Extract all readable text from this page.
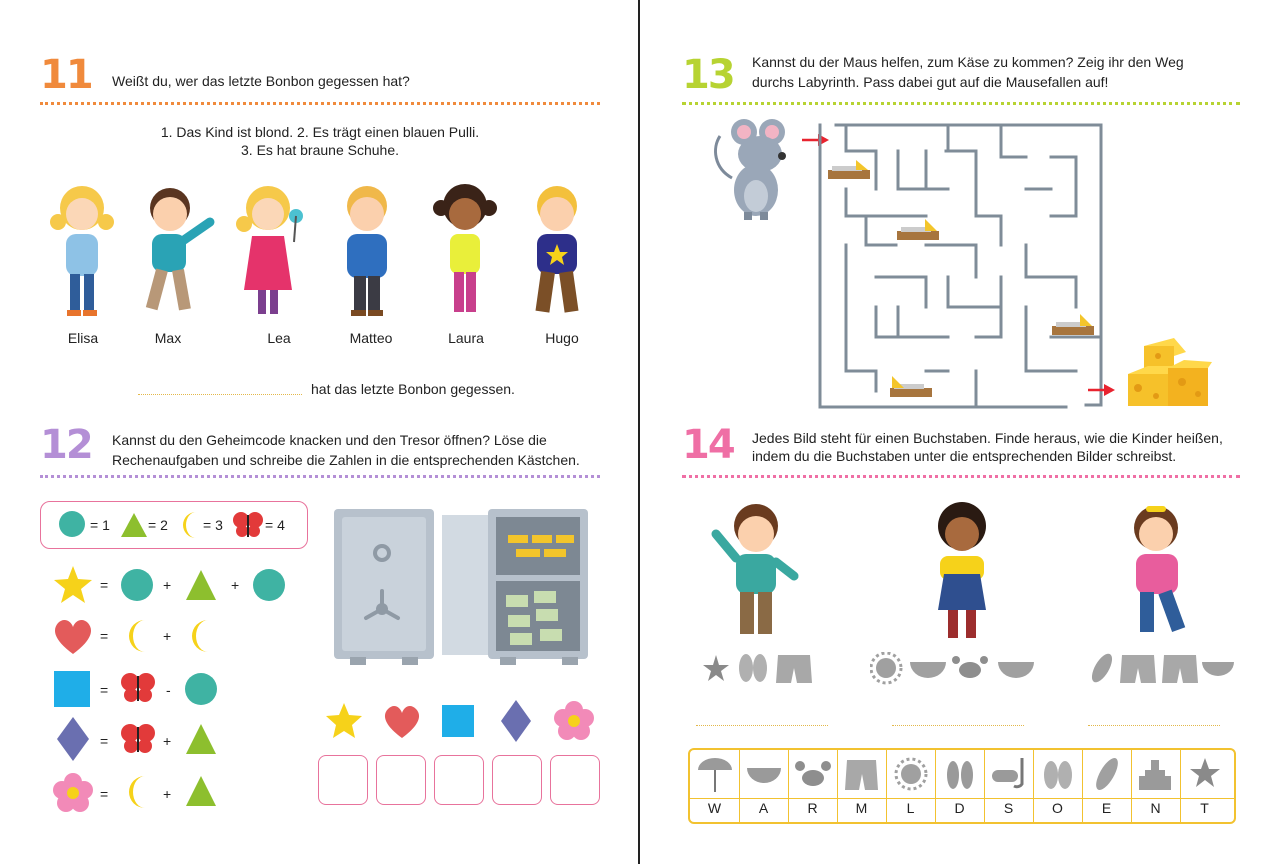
11 Weißt du, wer das letzte Bonbon gegessen hat?
1. Das Kind ist blond. 2. Es trägt einen blauen Pulli.
3. Es hat braune Schuhe.
Elisa	Max	Lea	Matteo	Laura	Hugo
hat das letzte Bonbon gegessen.
12 Kannst du den Geheimcode knacken und den Tresor öffnen? Löse die
Rechenaufgaben und schreibe die Zahlen in die entsprechenden Kästchen.
= 1	= 2	= 3	= 4
=	+	+
=	+
=	-
=	+
=	+
13 Kannst du der Maus helfen, zum Käse zu kommen? Zeig ihr den Weg
durchs Labyrinth. Pass dabei gut auf die Mausefallen auf!
14 Jedes Bild steht für einen Buchstaben. Finde heraus, wie die Kinder heißen,
indem du die Buchstaben unter die entsprechenden Bilder schreibst.
W	A	R	M	L	D	S	O	E	N	T
